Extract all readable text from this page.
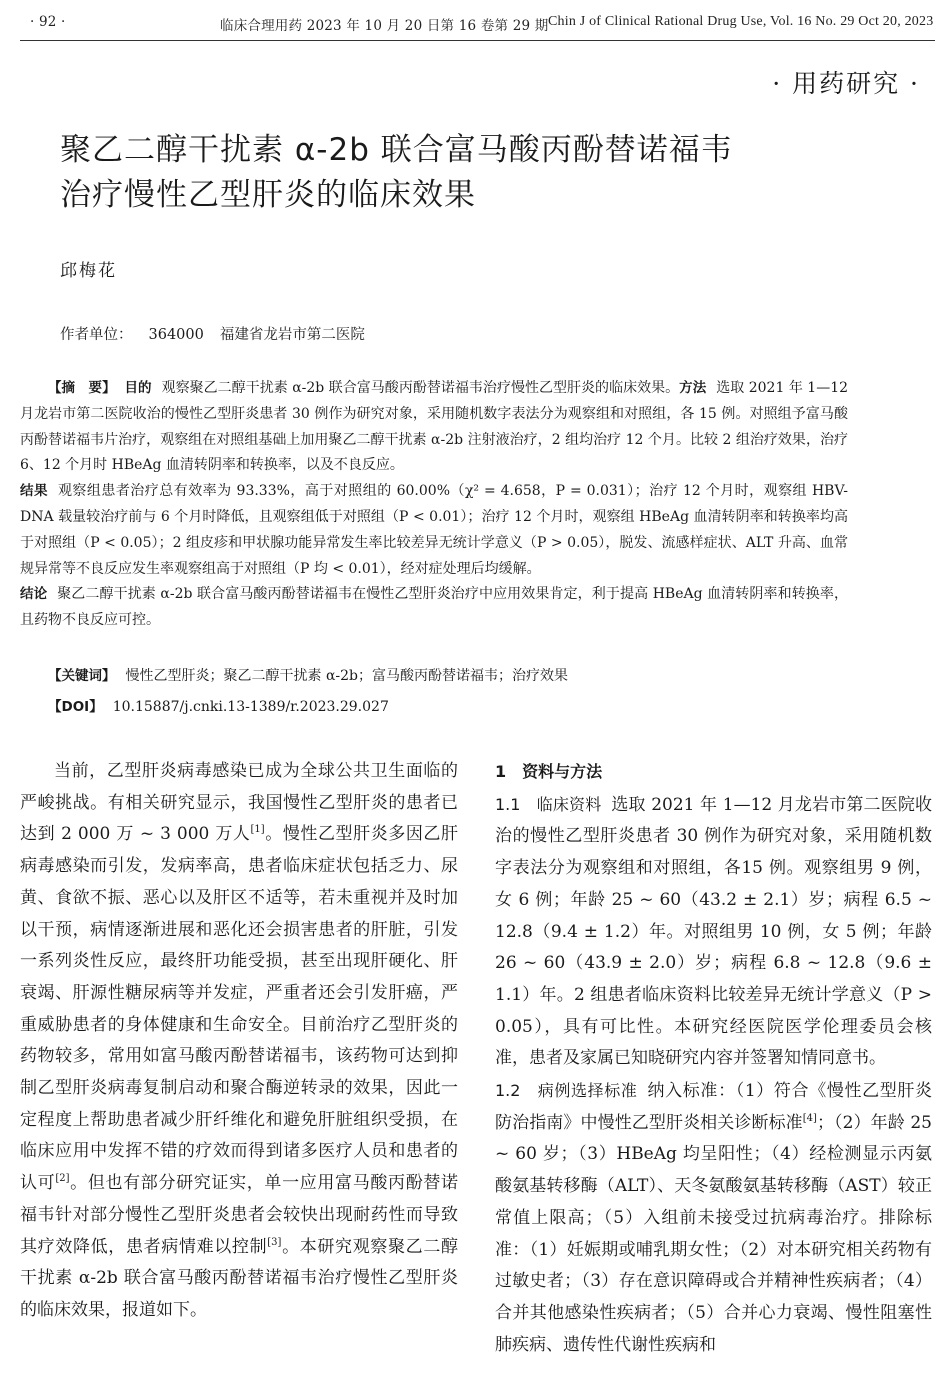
· 92 ·	临床合理用药 2023 年 10 月 20 日第 16 卷第 29 期 Chin J of Clinical Rational Drug Use, Vol. 16 No. 29 Oct 20, 2023
· 用药研究 ·
聚乙二醇干扰素 α-2b 联合富马酸丙酚替诺福韦
治疗慢性乙型肝炎的临床效果
邱梅花
作者单位： 364000 福建省龙岩市第二医院

【摘　要】 目的 观察聚乙二醇干扰素 α-2b 联合富马酸丙酚替诺福韦治疗慢性乙型肝炎的临床效果。方法 选取 2021 年 1—12 月龙岩市第二医院收治的慢性乙型肝炎患者 30 例作为研究对象，采用随机数字表法分为观察组和对照组，各 15 例。对照组予富马酸丙酚替诺福韦片治疗，观察组在对照组基础上加用聚乙二醇干扰素 α-2b 注射液治疗，2 组均治疗 12 个月。比较 2 组治疗效果，治疗 6、12 个月时 HBeAg 血清转阴率和转换率，以及不良反应。

结果 观察组患者治疗总有效率为 93.33%，高于对照组的 60.00%（χ² = 4.658，P = 0.031）；治疗 12 个月时，观察组 HBV-DNA 载量较治疗前与 6 个月时降低，且观察组低于对照组（P < 0.01）；治疗 12 个月时，观察组 HBeAg 血清转阴率和转换率均高于对照组（P < 0.05）；2 组皮疹和甲状腺功能异常发生率比较差异无统计学意义（P > 0.05），脱发、流感样症状、ALT 升高、血常规异常等不良反应发生率观察组高于对照组（P 均 < 0.01），经对症处理后均缓解。

结论 聚乙二醇干扰素 α-2b 联合富马酸丙酚替诺福韦在慢性乙型肝炎治疗中应用效果肯定，利于提高 HBeAg 血清转阴率和转换率，且药物不良反应可控。

【关键词】 慢性乙型肝炎；聚乙二醇干扰素 α-2b；富马酸丙酚替诺福韦；治疗效果
【DOI】 10.15887/j.cnki.13-1389/r.2023.29.027

当前，乙型肝炎病毒感染已成为全球公共卫生面临的严峻挑战。有相关研究显示，我国慢性乙型肝炎的患者已达到 2 000 万 ~ 3 000 万人[1]。慢性乙型肝炎多因乙肝病毒感染而引发，发病率高，患者临床症状包括乏力、尿黄、食欲不振、恶心以及肝区不适等，若未重视并及时加以干预，病情逐渐进展和恶化还会损害患者的肝脏，引发一系列炎性反应，最终肝功能受损，甚至出现肝硬化、肝衰竭、肝源性糖尿病等并发症，严重者还会引发肝癌，严重威胁患者的身体健康和生命安全。目前治疗乙型肝炎的药物较多，常用如富马酸丙酚替诺福韦，该药物可达到抑制乙型肝炎病毒复制启动和聚合酶逆转录的效果，因此一定程度上帮助患者减少肝纤维化和避免肝脏组织受损，在临床应用中发挥不错的疗效而得到诸多医疗人员和患者的认可[2]。但也有部分研究证实，单一应用富马酸丙酚替诺福韦针对部分慢性乙型肝炎患者会较快出现耐药性而导致其疗效降低，患者病情难以控制[3]。本研究观察聚乙二醇干扰素 α-2b 联合富马酸丙酚替诺福韦治疗慢性乙型肝炎的临床效果，报道如下。

1　资料与方法

1.1　临床资料 选取 2021 年 1—12 月龙岩市第二医院收治的慢性乙型肝炎患者 30 例作为研究对象，采用随机数字表法分为观察组和对照组，各15 例。观察组男 9 例，女 6 例；年龄 25 ~ 60（43.2 ± 2.1）岁；病程 6.5 ~ 12.8（9.4 ± 1.2）年。对照组男 10 例，女 5 例；年龄 26 ~ 60（43.9 ± 2.0）岁；病程 6.8 ~ 12.8（9.6 ± 1.1）年。2 组患者临床资料比较差异无统计学意义（P > 0.05），具有可比性。本研究经医院医学伦理委员会核准，患者及家属已知晓研究内容并签署知情同意书。

1.2　病例选择标准 纳入标准：（1）符合《慢性乙型肝炎防治指南》中慢性乙型肝炎相关诊断标准[4]；（2）年龄 25 ~ 60 岁；（3）HBeAg 均呈阳性；（4）经检测显示丙氨酸氨基转移酶（ALT）、天冬氨酸氨基转移酶（AST）较正常值上限高；（5）入组前未接受过抗病毒治疗。排除标准：（1）妊娠期或哺乳期女性；（2）对本研究相关药物有过敏史者；（3）存在意识障碍或合并精神性疾病者；（4）合并其他感染性疾病者；（5）合并心力衰竭、慢性阻塞性肺疾病、遗传性代谢性疾病和
